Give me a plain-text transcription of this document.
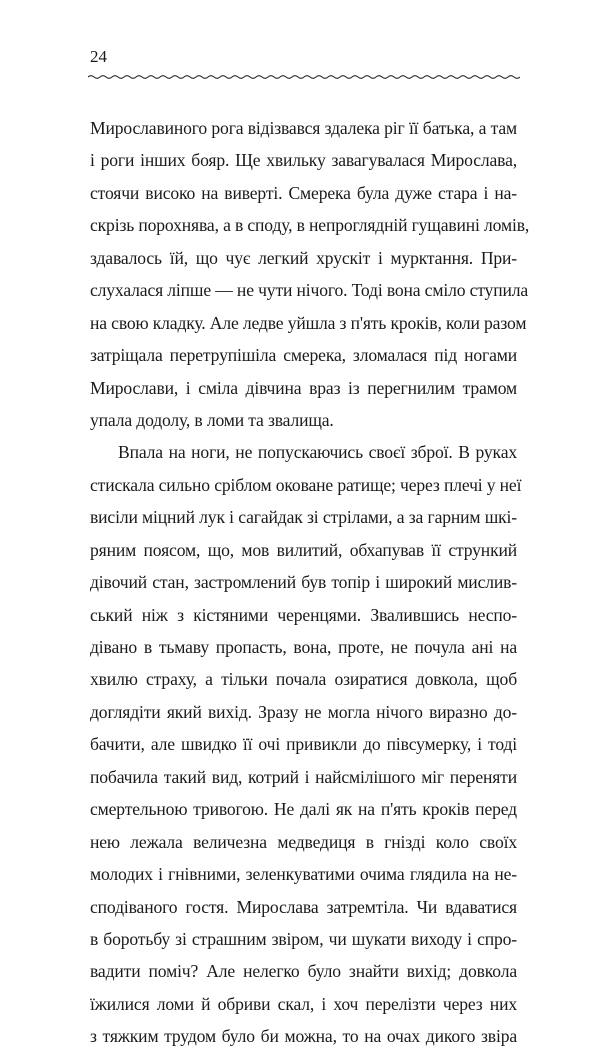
24
Мирославиного рога відізвався здалека ріг її батька, а там
і роги інших бояр. Ще хвильку завагувалася Мирослава,
стоячи високо на виверті. Смерека була дуже стара і на-
скрізь порохнява, а в споду, в непроглядній гущавині ломів,
здавалось їй, що чує легкий хрускіт і мурктання. При-
слухалася ліпше — не чути нічого. Тоді вона сміло ступила
на свою кладку. Але ледве уйшла з п'ять кроків, коли разом
затріщала перетрупішіла смерека, зломалася під ногами
Мирослави, і сміла дівчина враз із перегнилим трамом
упала додолу, в ломи та звалища.
Впала на ноги, не попускаючись своєї зброї. В руках
стискала сильно сріблом оковане ратище; через плечі у неї
висіли міцний лук і сагайдак зі стрілами, а за гарним шкі-
ряним поясом, що, мов вилитий, обхапував її стрункий
дівочий стан, застромлений був топір і широкий мислив-
ський ніж з кістяними черенцями. Звалившись неспо-
дівано в тьмаву пропасть, вона, проте, не почула ані на
хвилю страху, а тільки почала озиратися довкола, щоб
доглядіти який вихід. Зразу не могла нічого виразно до-
бачити, але швидко її очі привикли до півсумерку, і тоді
побачила такий вид, котрий і найсмілішого міг переняти
смертельною тривогою. Не далі як на п'ять кроків перед
нею лежала величезна медведиця в гнізді коло своїх
молодих і гнівними, зеленкуватими очима глядила на не-
сподіваного гостя. Мирослава затремтіла. Чи вдаватися
в боротьбу зі страшним звіром, чи шукати виходу і спро-
вадити поміч? Але нелегко було знайти вихід; довкола
їжилися ломи й обриви скал, і хоч перелізти через них
з тяжким трудом було би можна, то на очах дикого звіра
